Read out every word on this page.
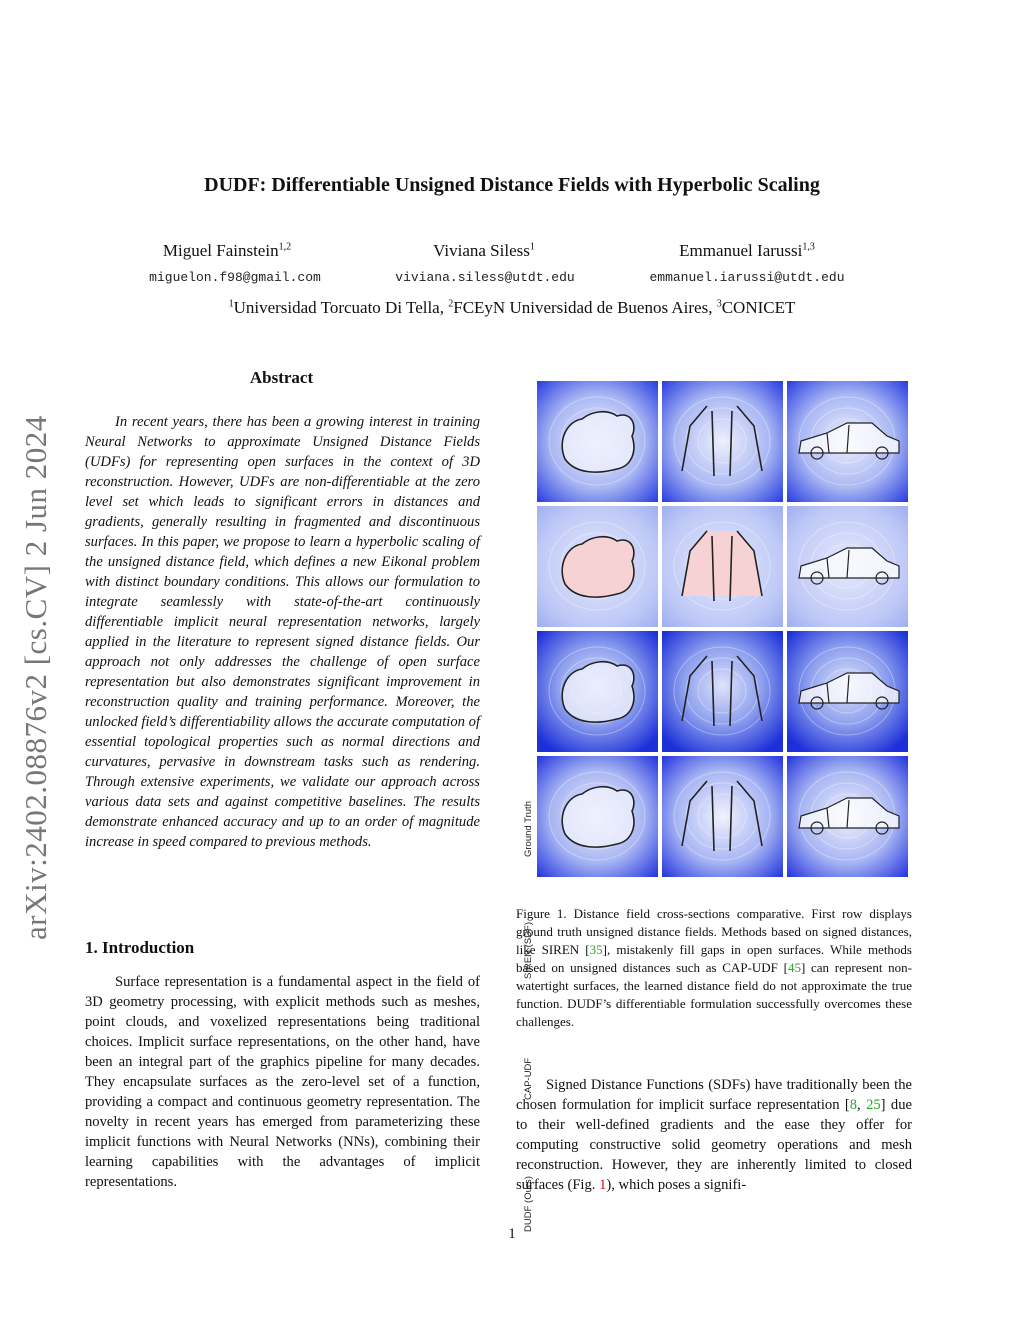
DUDF: Differentiable Unsigned Distance Fields with Hyperbolic Scaling
Miguel Fainstein$^{1,2}$
miguelon.f98@gmail.com
Viviana Siless$^1$
viviana.siless@utdt.edu
Emmanuel Iarussi$^{1,3}$
emmanuel.iarussi@utdt.edu
$^1$Universidad Torcuato Di Tella, $^2$FCEyN Universidad de Buenos Aires, $^3$CONICET
arXiv:2402.08876v2 [cs.CV] 2 Jun 2024
Abstract

In recent years, there has been a growing interest in training Neural Networks to approximate Unsigned Distance Fields (UDFs) for representing open surfaces in the context of 3D reconstruction. However, UDFs are non-differentiable at the zero level set which leads to significant errors in distances and gradients, generally resulting in fragmented and discontinuous surfaces. In this paper, we propose to learn a hyperbolic scaling of the unsigned distance field, which defines a new Eikonal problem with distinct boundary conditions. This allows our formulation to integrate seamlessly with state-of-the-art continuously differentiable implicit neural representation networks, largely applied in the literature to represent signed distance fields. Our approach not only addresses the challenge of open surface representation but also demonstrates significant improvement in reconstruction quality and training performance. Moreover, the unlocked field’s differentiability allows the accurate computation of essential topological properties such as normal directions and curvatures, pervasive in downstream tasks such as rendering. Through extensive experiments, we validate our approach across various data sets and against competitive baselines. The results demonstrate enhanced accuracy and up to an order of magnitude increase in speed compared to previous methods.

1. Introduction

Surface representation is a fundamental aspect in the field of 3D geometry processing, with explicit methods such as meshes, point clouds, and voxelized representations being traditional choices. Implicit surface representations, on the other hand, have been an integral part of the graphics pipeline for many decades. They encapsulate surfaces as the zero-level set of a function, providing a compact and continuous geometry representation. The novelty in recent years has emerged from parameterizing these implicit functions with Neural Networks (NNs), combining their learning capabilities with the advantages of implicit representations.

Ground Truth
SIREN (SDF)
CAP-UDF
DUDF (Ours)
Figure 1. Distance field cross-sections comparative. First row displays ground truth unsigned distance fields. Methods based on signed distances, like SIREN [35], mistakenly fill gaps in open surfaces. While methods based on unsigned distances such as CAP-UDF [45] can represent non-watertight surfaces, the learned distance field do not approximate the true function. DUDF’s differentiable formulation successfully overcomes these challenges.

Signed Distance Functions (SDFs) have traditionally been the chosen formulation for implicit surface representation [8, 25] due to their well-defined gradients and the ease they offer for computing constructive solid geometry operations and mesh reconstruction. However, they are inherently limited to closed surfaces (Fig. 1), which poses a signifi-

1
